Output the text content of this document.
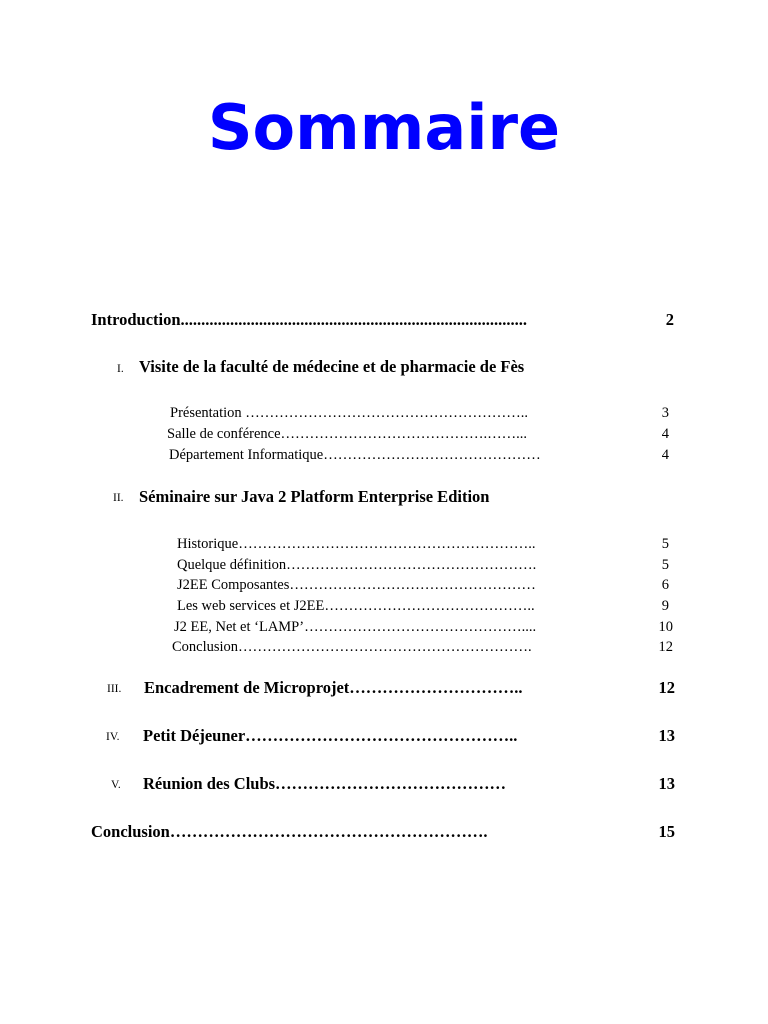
Sommaire
Introduction....................................................................................	2
I. Visite de la faculté de médecine et de pharmacie de Fès
Présentation …………………………………………………..	3
Salle de conférence…………………………………….……...	4
Département Informatique………………………………………	4
II. Séminaire sur Java 2 Platform Enterprise Edition
Historique……………………………………………………..	5
Quelque définition…………………………………………….	5
J2EE Composantes……………………………………………	6
Les web services et J2EE……………………………………..	9
J2 EE, Net et ‘LAMP’………………………………………....	10
Conclusion…………………………………………………….	12
III. Encadrement de Microprojet…………………………..	12
IV. Petit Déjeuner…………………………………………..	13
V. Réunion des Clubs……………………………………	13
Conclusion………………………………………………….	15
